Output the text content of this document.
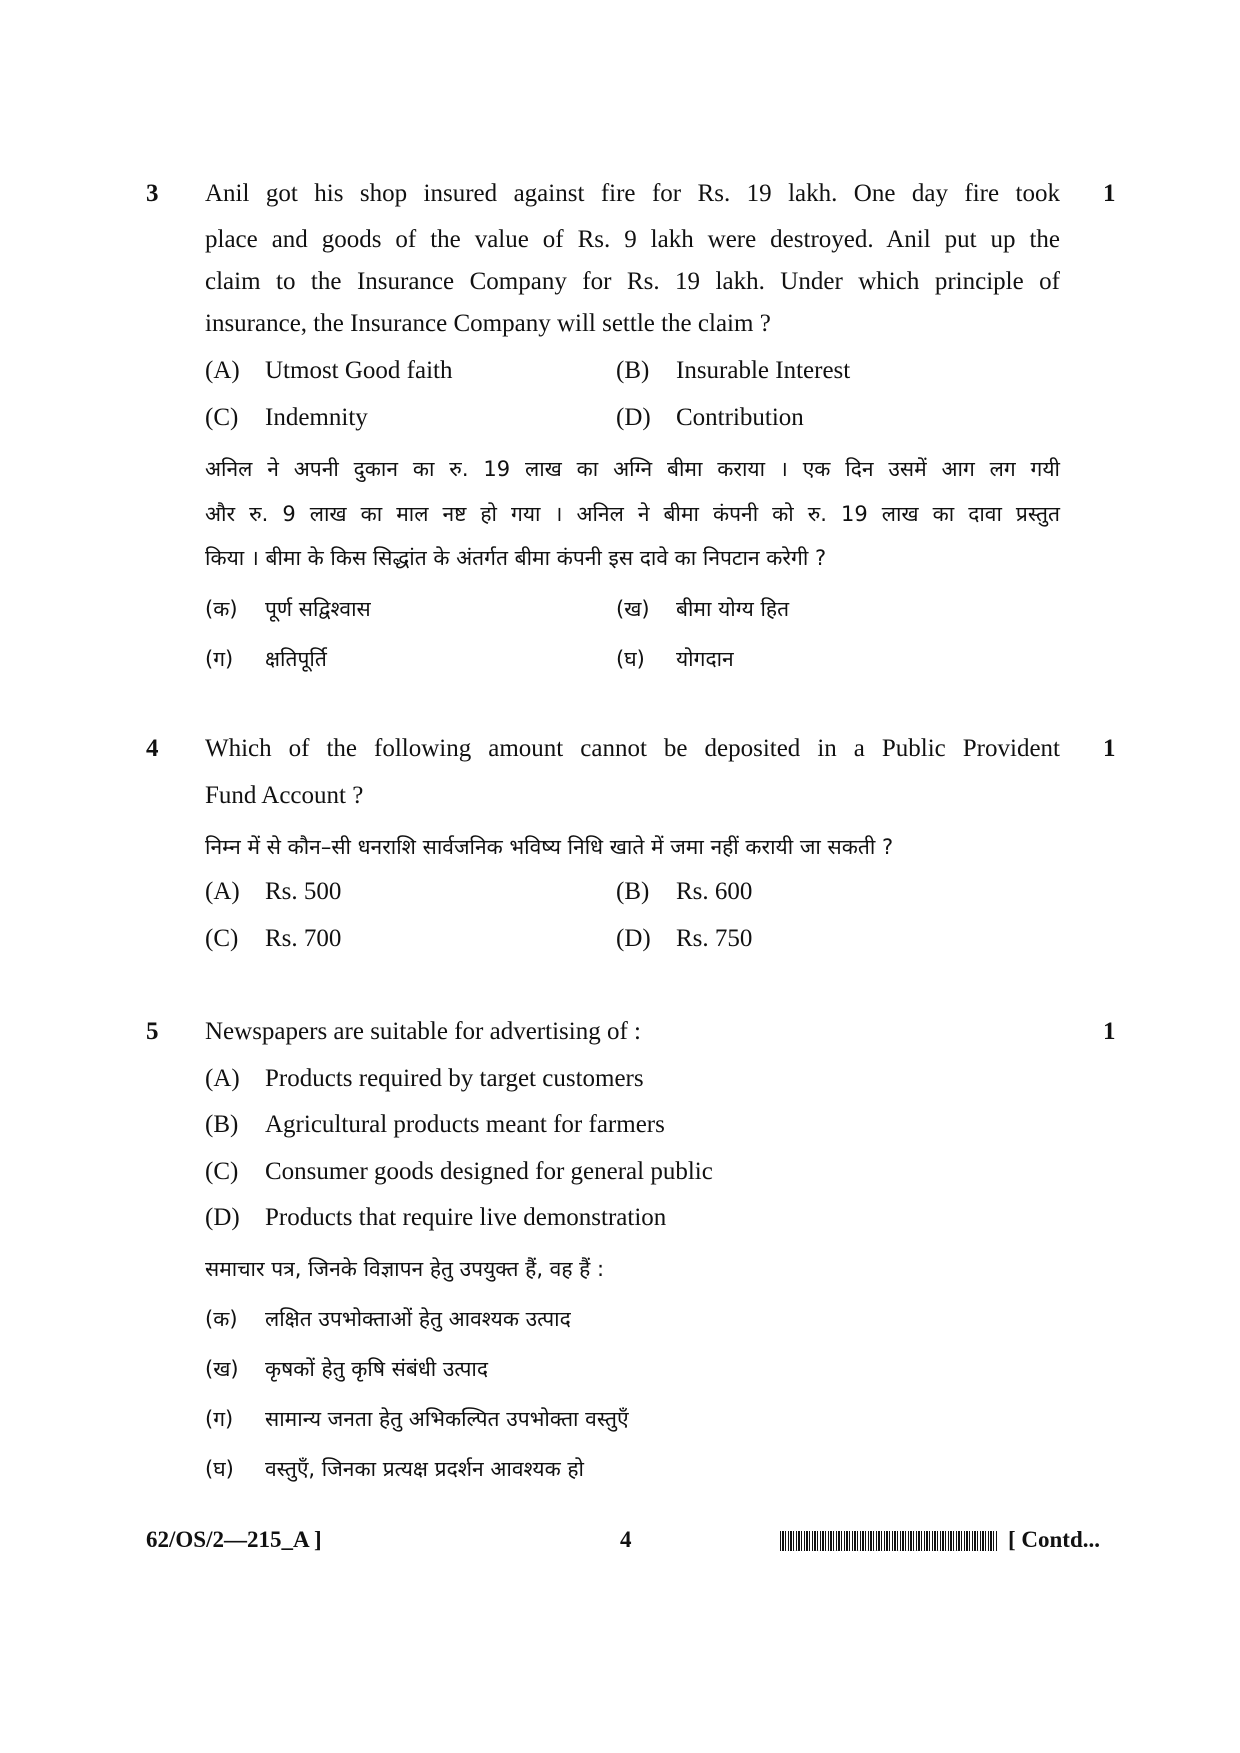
3	1
Anil got his shop insured against fire for Rs. 19 lakh. One day fire took
place and goods of the value of Rs. 9 lakh were destroyed. Anil put up the
claim to the Insurance Company for Rs. 19 lakh. Under which principle of
insurance, the Insurance Company will settle the claim ?
(A) Utmost Good faith	(B) Insurable Interest
(C) Indemnity	(D) Contribution
अनिल ने अपनी दुकान का रु. 19 लाख का अग्नि बीमा कराया । एक दिन उसमें आग लग गयी
और रु. 9 लाख का माल नष्ट हो गया । अनिल ने बीमा कंपनी को रु. 19 लाख का दावा प्रस्तुत
किया । बीमा के किस सिद्धांत के अंतर्गत बीमा कंपनी इस दावे का निपटान करेगी ?
(क) पूर्ण सद्विश्वास	(ख) बीमा योग्य हित
(ग) क्षतिपूर्ति	(घ) योगदान
4	1
Which of the following amount cannot be deposited in a Public Provident
Fund Account ?
निम्न में से कौन–सी धनराशि सार्वजनिक भविष्य निधि खाते में जमा नहीं करायी जा सकती ?
(A) Rs. 500	(B) Rs. 600
(C) Rs. 700	(D) Rs. 750
5	1
Newspapers are suitable for advertising of :
(A) Products required by target customers
(B) Agricultural products meant for farmers
(C) Consumer goods designed for general public
(D) Products that require live demonstration
समाचार पत्र, जिनके विज्ञापन हेतु उपयुक्त हैं, वह हैं :
(क) लक्षित उपभोक्ताओं हेतु आवश्यक उत्पाद
(ख) कृषकों हेतु कृषि संबंधी उत्पाद
(ग) सामान्य जनता हेतु अभिकल्पित उपभोक्ता वस्तुएँ
(घ) वस्तुएँ, जिनका प्रत्यक्ष प्रदर्शन आवश्यक हो
62/OS/2—215_A ]	4	[ Contd...
